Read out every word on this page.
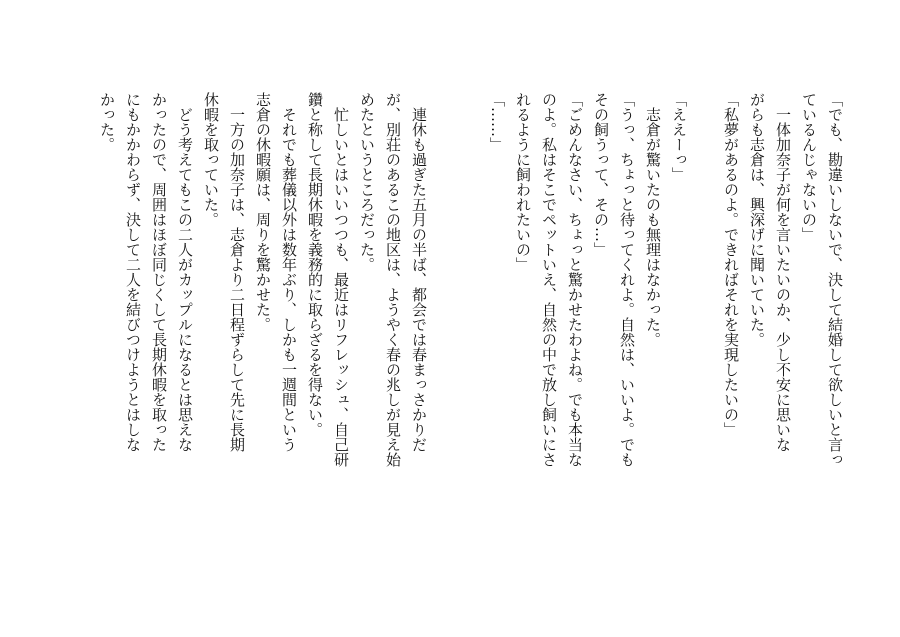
「でも、勘違いしないで、決して結婚して欲しいと言っ

ているんじゃないの」

　一体加奈子が何を言いたいのか、少し不安に思いな

がらも志倉は、興深げに聞いていた。

「私夢があるのよ。できればそれを実現したいの」

「ええーっ」

　志倉が驚いたのも無理はなかった。

「うっ、ちょっと待ってくれよ。自然は、いいよ。でも

その飼うって、その…」

「ごめんなさい、ちょっと驚かせたわよね。でも本当な

のよ。私はそこでペットいえ、自然の中で放し飼いにさ

れるように飼われたいの」

「……」

　連休も過ぎた五月の半ば、都会では春まっさかりだ

が、別荘のあるこの地区は、ようやく春の兆しが見え始

めたというところだった。

　忙しいとはいいつつも、最近はリフレッシュ、自己研

鑽と称して長期休暇を義務的に取らざるを得ない。

　それでも葬儀以外は数年ぶり、しかも一週間という

志倉の休暇願は、周りを驚かせた。

　一方の加奈子は、志倉より二日程ずらして先に長期

休暇を取っていた。

　どう考えてもこの二人がカップルになるとは思えな

かったので、周囲はほぼ同じくして長期休暇を取った

にもかかわらず、決して二人を結びつけようとはしな

かった。
